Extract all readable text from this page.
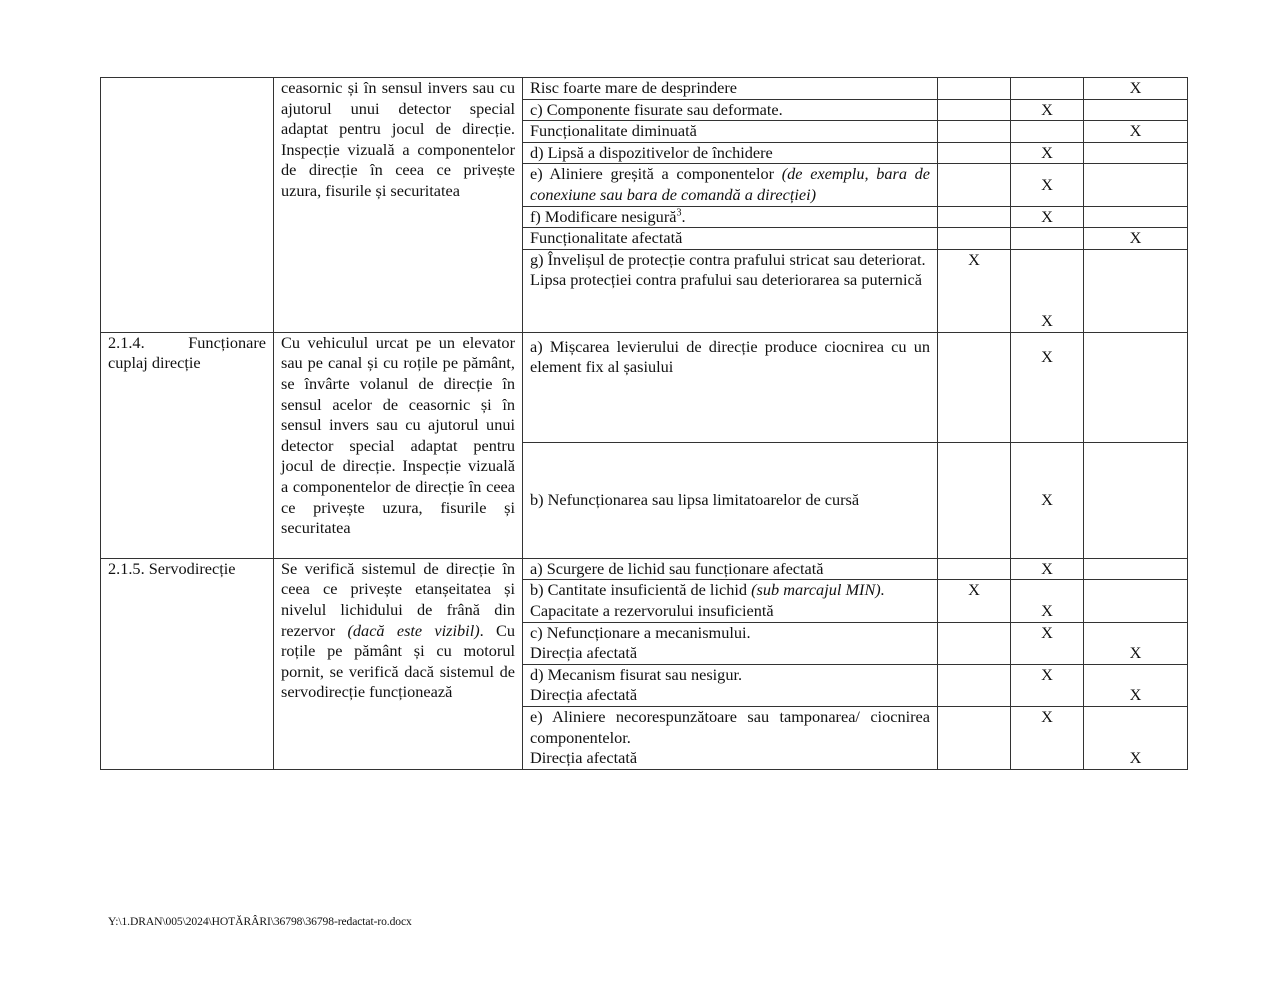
	ceasornic și în sensul invers sau cu ajutorul unui detector special adaptat pentru jocul de direcție. Inspecție vizuală a componentelor de direcție în ceea ce privește uzura, fisurile și securitatea	Risc foarte mare de desprindere			X
		c) Componente fisurate sau deformate.		X	
		Funcționalitate diminuată			X
		d) Lipsă a dispozitivelor de închidere		X	
		e) Aliniere greșită a componentelor (de exemplu, bara de conexiune sau bara de comandă a direcției)		X	
		f) Modificare nesigură$^3$.		X	
		Funcționalitate afectată			X

		g) Învelișul de protecție contra prafului stricat sau deteriorat.
Lipsa protecției contra prafului sau deteriorarea sa puternică	X	X	
2.1.4. Funcționare cuplaj direcție	Cu vehiculul urcat pe un elevator sau pe canal și cu roțile pe pământ, se învârte volanul de direcție în sensul acelor de ceasornic și în sensul invers sau cu ajutorul unui detector special adaptat pentru jocul de direcție. Inspecție vizuală a componentelor de direcție în ceea ce privește uzura, fisurile și securitatea	a) Mișcarea levierului de direcție produce ciocnirea cu un element fix al șasiului		X	
		b) Nefuncționarea sau lipsa limitatoarelor de cursă		X	
2.1.5. Servodirecție	Se verifică sistemul de direcție în ceea ce privește etanșeitatea și nivelul lichidului de frână din rezervor (dacă este vizibil). Cu roțile pe pământ și cu motorul pornit, se verifică dacă sistemul de servodirecție funcționează	a) Scurgere de lichid sau funcționare afectată		X	

		b) Cantitate insuficientă de lichid (sub marcajul MIN).
Capacitate a rezervorului insuficientă	X	X	

		c) Nefuncționare a mecanismului.
Direcția afectată		X	X

		d) Mecanism fisurat sau nesigur.
Direcția afectată		X	X

		e) Aliniere necorespunzătoare sau tamponarea/ ciocnirea componentelor.
Direcția afectată		X	X
Y:\1.DRAN\005\2024\HOTĂRÂRI\36798\36798-redactat-ro.docx
